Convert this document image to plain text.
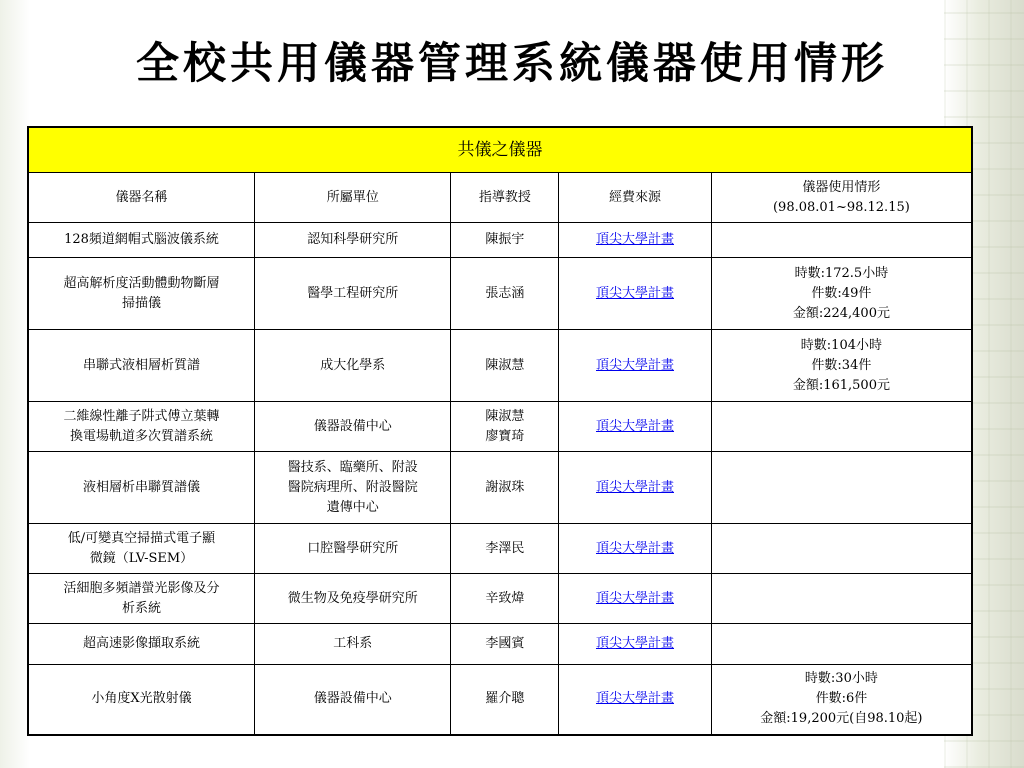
全校共用儀器管理系統儀器使用情形
共儀之儀器				
儀器名稱	所屬單位	指導教授	經費來源	儀器使用情形
(98.08.01~98.12.15)

128頻道網帽式腦波儀系統	認知科學研究所	陳振宇	頂尖大學計畫	

超高解析度活動體動物斷層
掃描儀	醫學工程研究所	張志涵	頂尖大學計畫	時數:172.5小時
件數:49件
金額:224,400元

串聯式液相層析質譜	成大化學系	陳淑慧	頂尖大學計畫	時數:104小時
件數:34件
金額:161,500元

二維線性離子阱式傅立葉轉
換電場軌道多次質譜系統	儀器設備中心	陳淑慧
廖寶琦	頂尖大學計畫	

液相層析串聯質譜儀	醫技系、臨藥所、附設
醫院病理所、附設醫院
遺傳中心	謝淑珠	頂尖大學計畫	

低/可變真空掃描式電子顯
微鏡（LV-SEM）	口腔醫學研究所	李澤民	頂尖大學計畫	

活細胞多頻譜螢光影像及分
析系統	微生物及免疫學研究所	辛致煒	頂尖大學計畫	

超高速影像擷取系統	工科系	李國賓	頂尖大學計畫	

小角度X光散射儀	儀器設備中心	羅介聰	頂尖大學計畫	時數:30小時
件數:6件
金額:19,200元(自98.10起)
